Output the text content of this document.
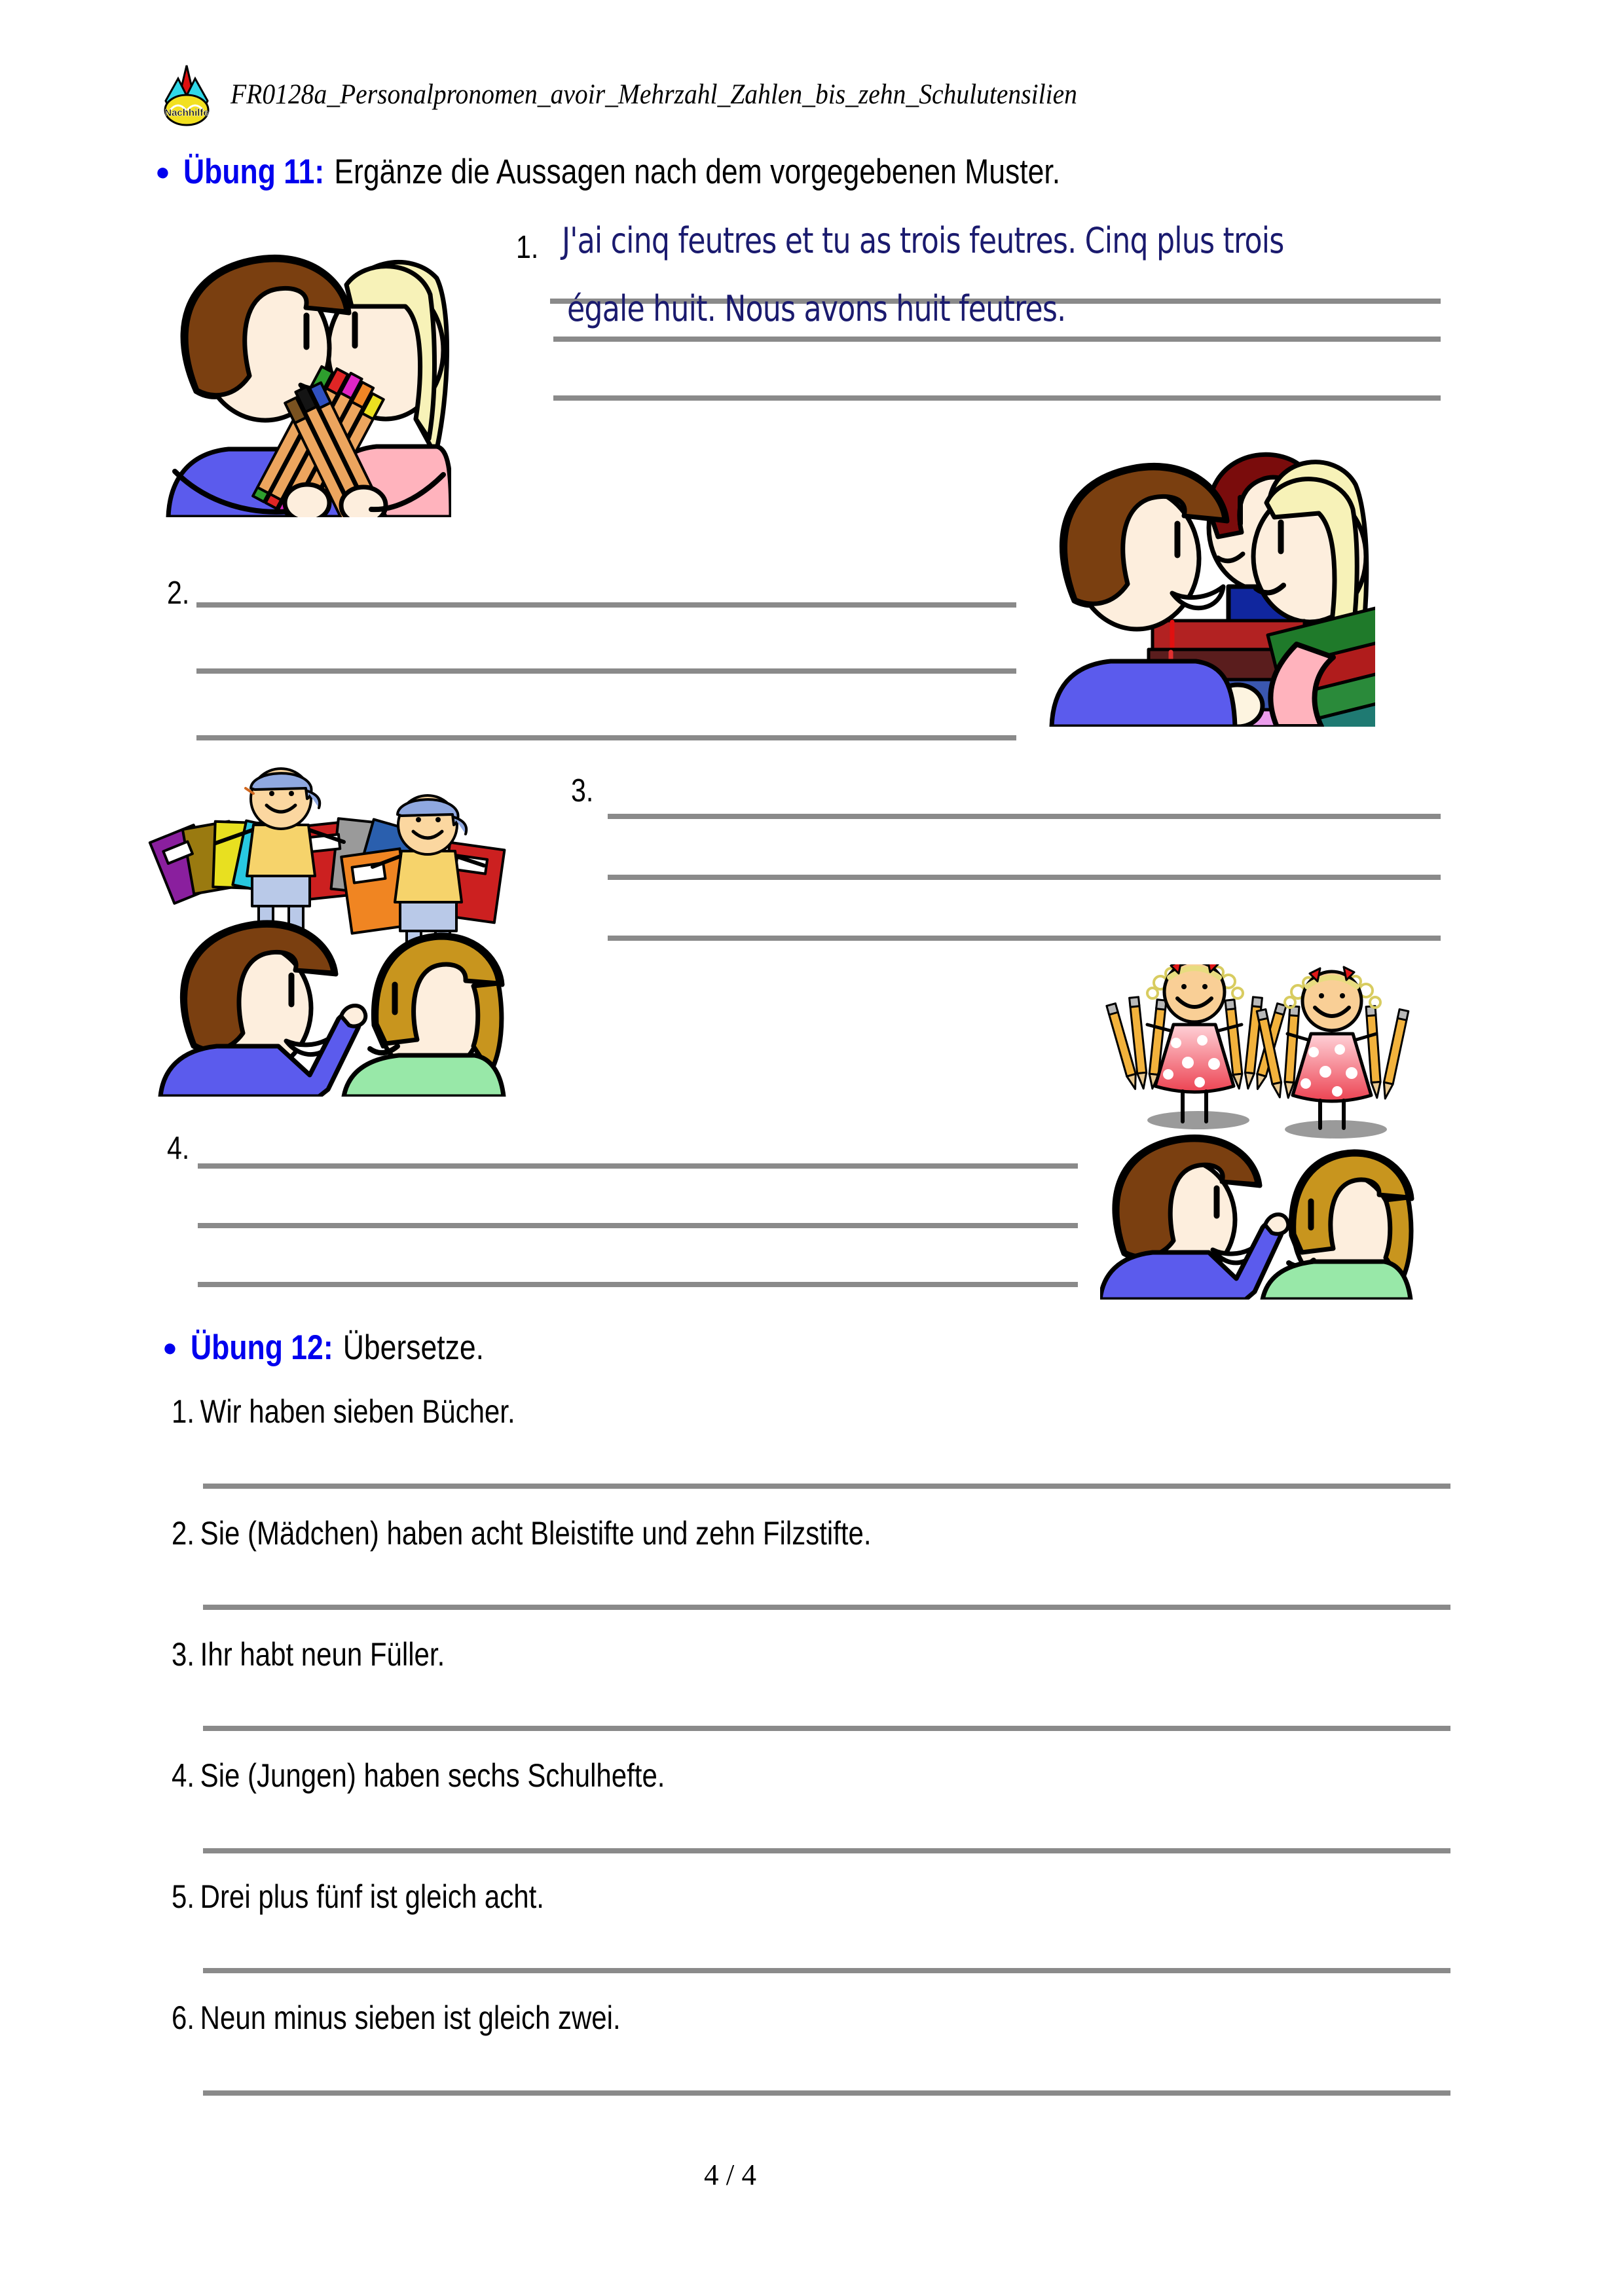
Nachhilfe
FR0128a_Personalpronomen_avoir_Mehrzahl_Zahlen_bis_zehn_Schulutensilien
● Übung 11: Ergänze die Aussagen nach dem vorgegebenen Muster.
1. J'ai cinq feutres et tu as trois feutres. Cinq plus trois
égale huit. Nous avons huit feutres.
2.
3.
4.
● Übung 12: Übersetze.
1. Wir haben sieben Bücher.
2. Sie (Mädchen) haben acht Bleistifte und zehn Filzstifte.
3. Ihr habt neun Füller.
4. Sie (Jungen) haben sechs Schulhefte.
5. Drei plus fünf ist gleich acht.
6. Neun minus sieben ist gleich zwei.
4 / 4
